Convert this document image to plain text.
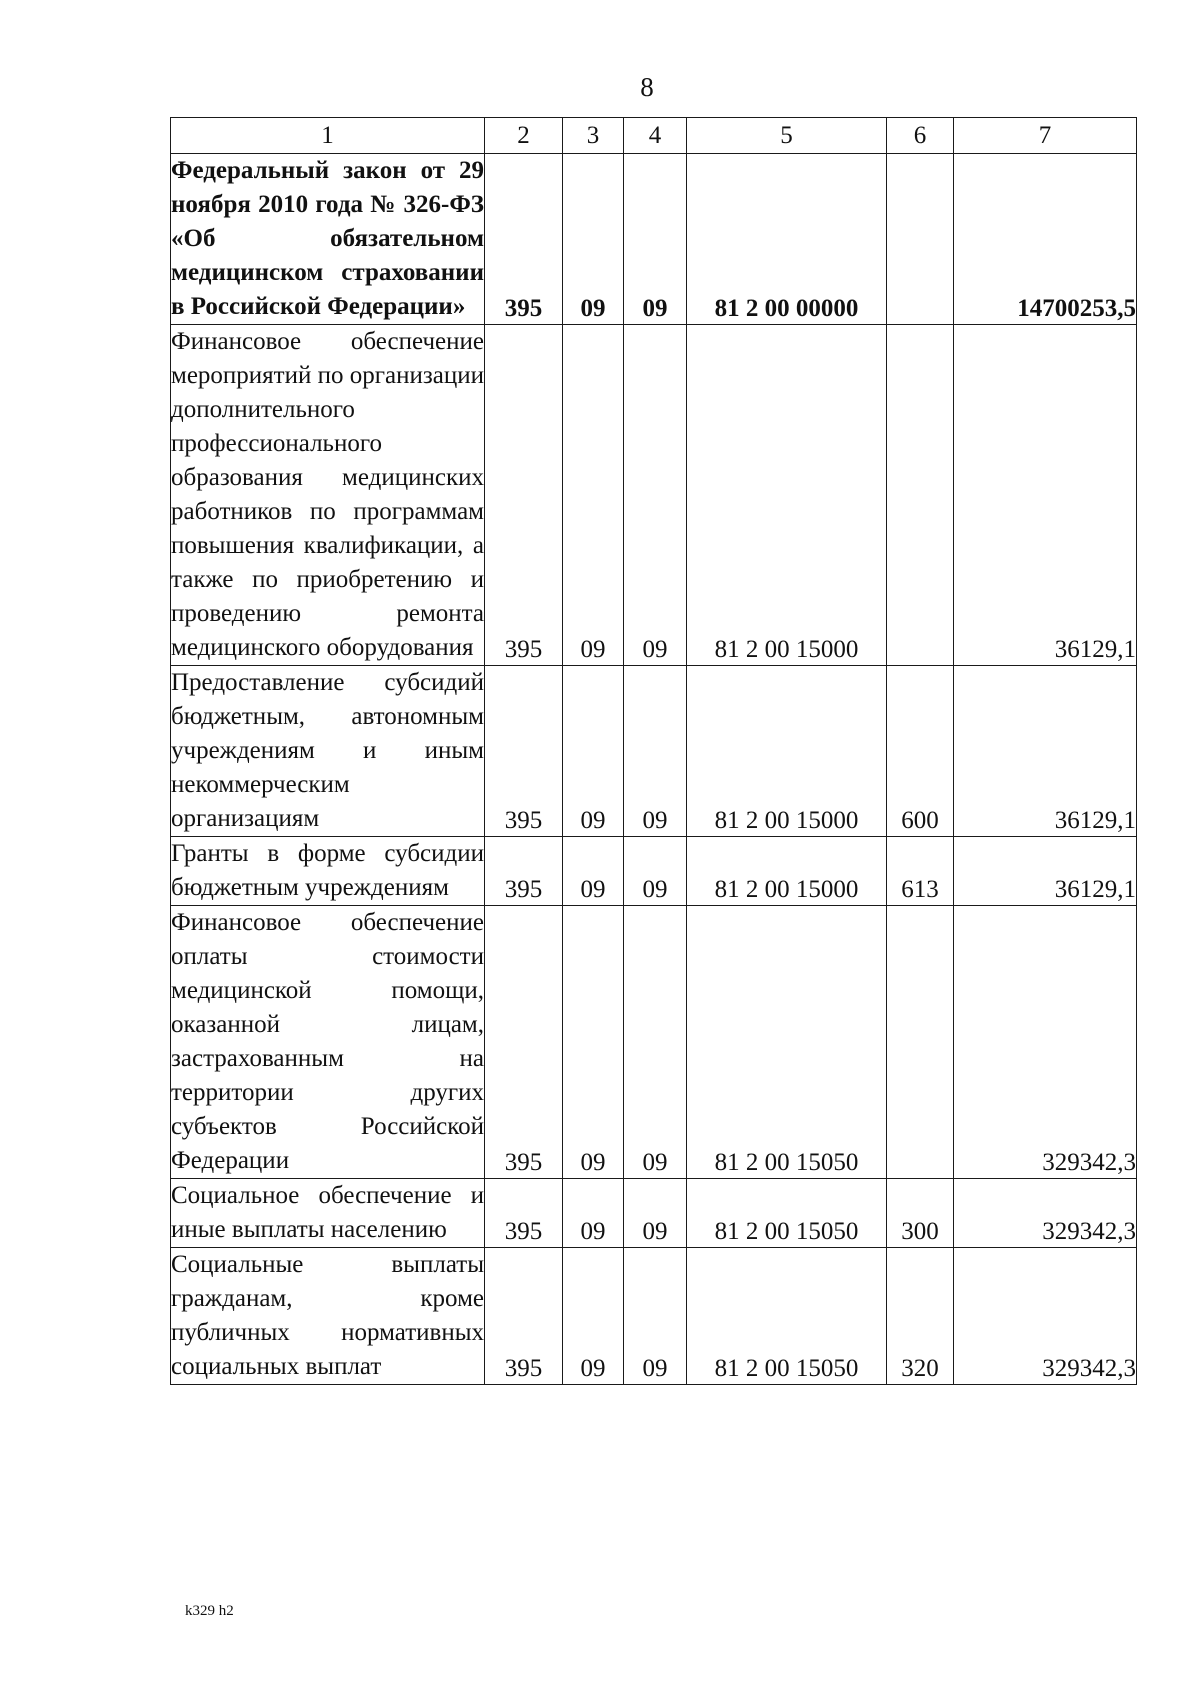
8
1	2	3	4	5	6	7
Федеральный закон от 29 ноября 2010 года № 326-ФЗ «Об обязательном медицинском страховании в Российской Федерации»	395	09	09	81 2 00 00000		14700253,5
Финансовое обеспечение мероприятий по организации дополнительного профессионального образования медицинских работников по программам повышения квалификации, а также по приобретению и проведению ремонта медицинского оборудования	395	09	09	81 2 00 15000		36129,1
Предоставление субсидий бюджетным, автономным учреждениям и иным некоммерческим организациям	395	09	09	81 2 00 15000	600	36129,1
Гранты в форме субсидии бюджетным учреждениям	395	09	09	81 2 00 15000	613	36129,1
Финансовое обеспечение оплаты стоимости медицинской помощи, оказанной лицам, застрахованным на территории других субъектов Российской Федерации	395	09	09	81 2 00 15050		329342,3
Социальное обеспечение и иные выплаты населению	395	09	09	81 2 00 15050	300	329342,3
Социальные выплаты гражданам, кроме публичных нормативных социальных выплат	395	09	09	81 2 00 15050	320	329342,3
k329 h2
